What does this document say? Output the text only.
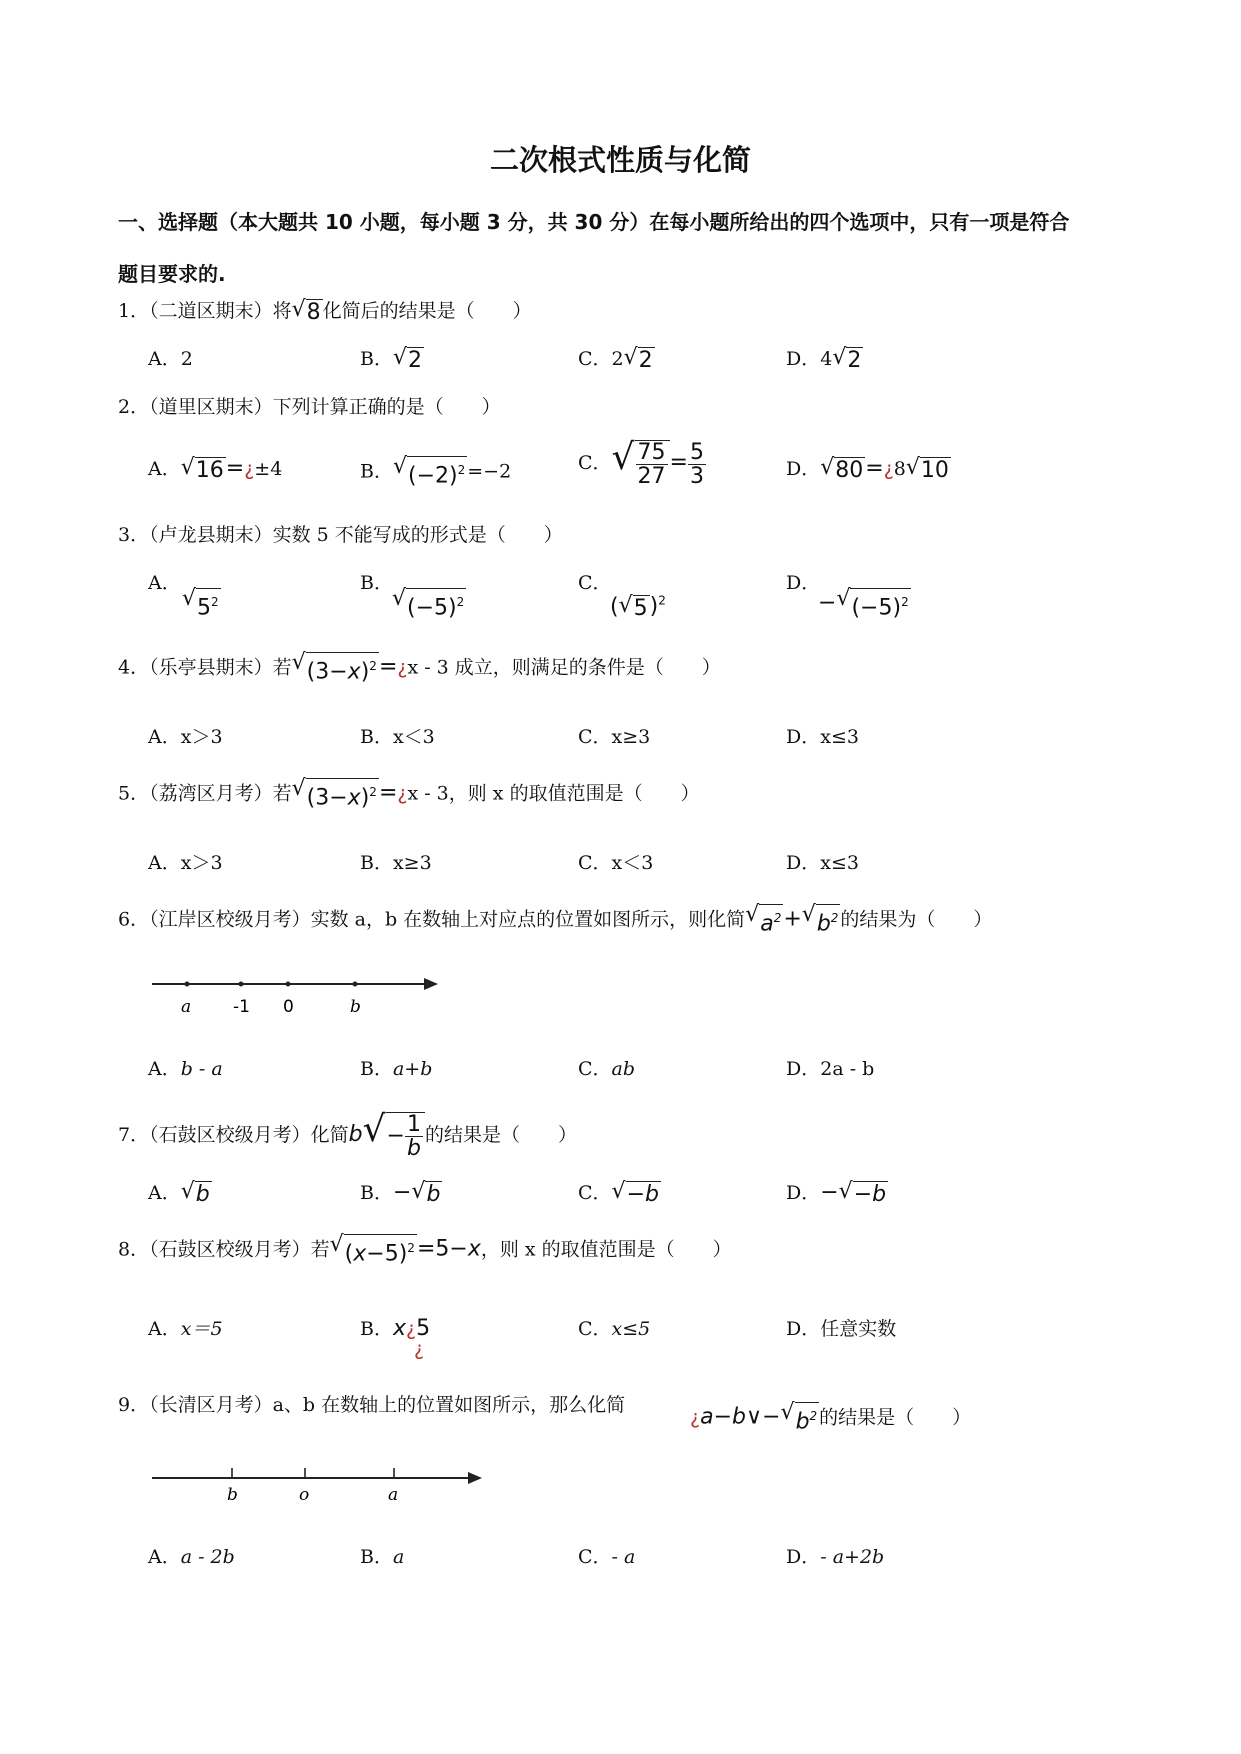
二次根式性质与化简
一、选择题（本大题共 10 小题，每小题 3 分，共 30 分）在每小题所给出的四个选项中，只有一项是符合
题目要求的.
1．（二道区期末）将 √ 8 化简后的结果是（　　）
A．2	B． √ 2	C．2 √ 2	D．4 √ 2
2．（道里区期末）下列计算正确的是（　　）
A． √ 16 =¿±4	B． √ $(-2)^2 =-2$	C． √ $\frac{75}{27} = \frac{5}{3}$	D． √ 80 =¿8 √ 10
3．（卢龙县期末）实数 5 不能写成的形式是（　　）
A．
√ $5^2$
B．
√ $(-5)^2$
C．
( √ 5 )$^2$
D．
− √ $(-5)^2$
4．（乐亭县期末）若 √ $(3-x)^2$ =¿x - 3 成立，则满足的条件是（　　）
A．x＞3	B．x＜3	C．x≥3	D．x≤3
5．（荔湾区月考）若 √ $(3-x)^2$ =¿x - 3，则 x 的取值范围是（　　）
A．x＞3	B．x≥3	C．x＜3	D．x≤3
6．（江岸区校级月考）实数 a，b 在数轴上对应点的位置如图所示，则化简 √ $a^2$ + √ $b^2$ 的结果为（　　）
a -1 0	b
A．b - a	B．a+b	C．ab	D．2a - b
7．（石鼓区校级月考）化简b √ − $\frac{1}{b}$ 的结果是（　　）
A． √ b	B．− √ b	C． √ −b	D．− √ −b
8．（石鼓区校级月考）若 √ $(x-5)^2 =5-x$，则 x 的取值范围是（　　）
A．x＝5	B．x¿5
¿
C．x≤5	D．任意实数
9．（长清区月考）a、b 在数轴上的位置如图所示，那么化简
¿a−b∨− √ $b^2$ 的结果是（　　）
b	o	a
A．a - 2b	B．a	C．- a	D．- a+2b
